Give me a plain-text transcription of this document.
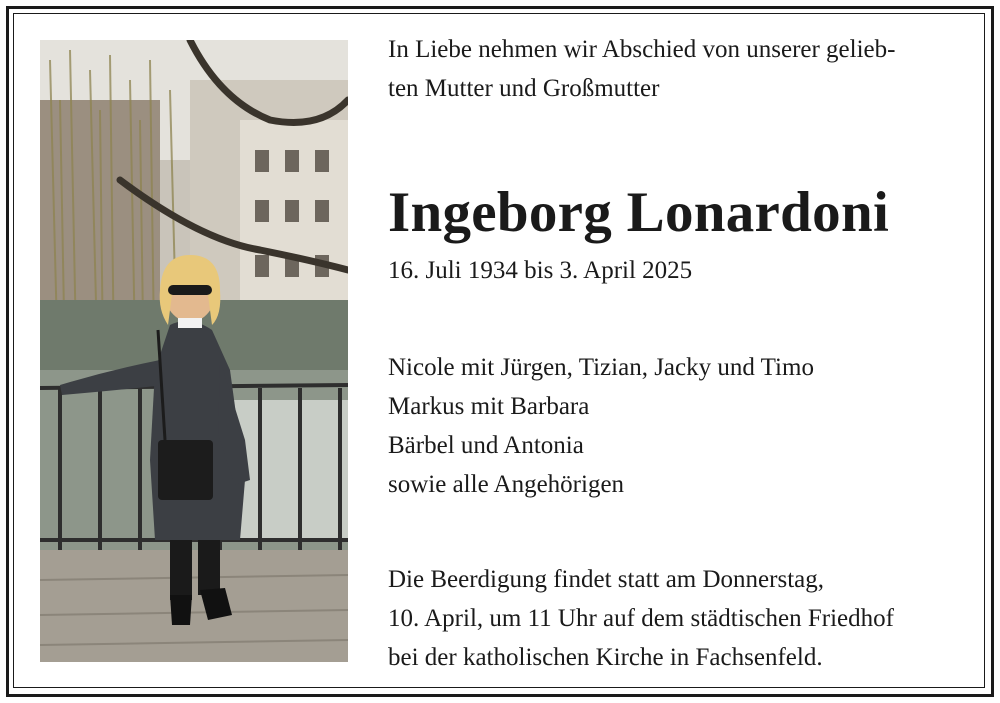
In Liebe nehmen wir Abschied von unserer gelieb-
ten Mutter und Großmutter

Ingeborg Lonardoni

16. Juli 1934 bis 3. April 2025

Nicole mit Jürgen, Tizian, Jacky und Timo
Markus mit Barbara
Bärbel und Antonia
sowie alle Angehörigen

Die Beerdigung findet statt am Donnerstag,
10. April, um 11 Uhr auf dem städtischen Friedhof
bei der katholischen Kirche in Fachsenfeld.
